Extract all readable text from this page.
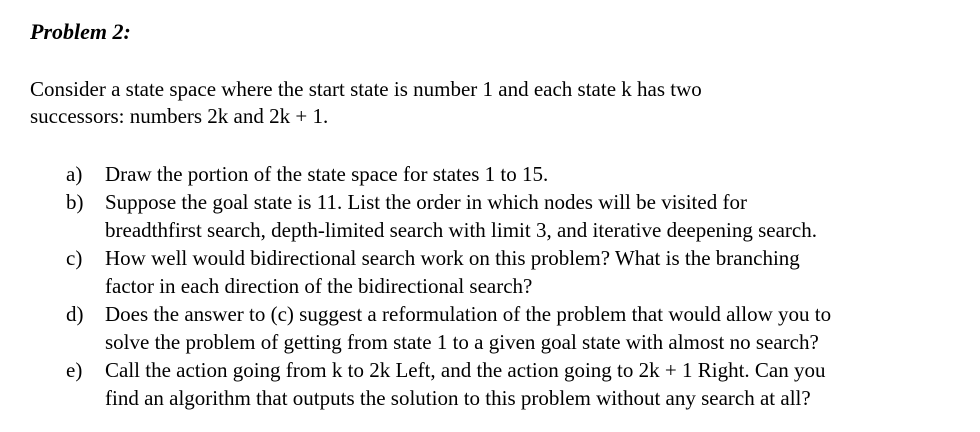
Problem 2:
Consider a state space where the start state is number 1 and each state k has two
successors: numbers 2k and 2k + 1.
a) Draw the portion of the state space for states 1 to 15.
b) Suppose the goal state is 11. List the order in which nodes will be visited for
breadthfirst search, depth-limited search with limit 3, and iterative deepening search.
c) How well would bidirectional search work on this problem? What is the branching
factor in each direction of the bidirectional search?
d) Does the answer to (c) suggest a reformulation of the problem that would allow you to
solve the problem of getting from state 1 to a given goal state with almost no search?
e) Call the action going from k to 2k Left, and the action going to 2k + 1 Right. Can you
find an algorithm that outputs the solution to this problem without any search at all?
